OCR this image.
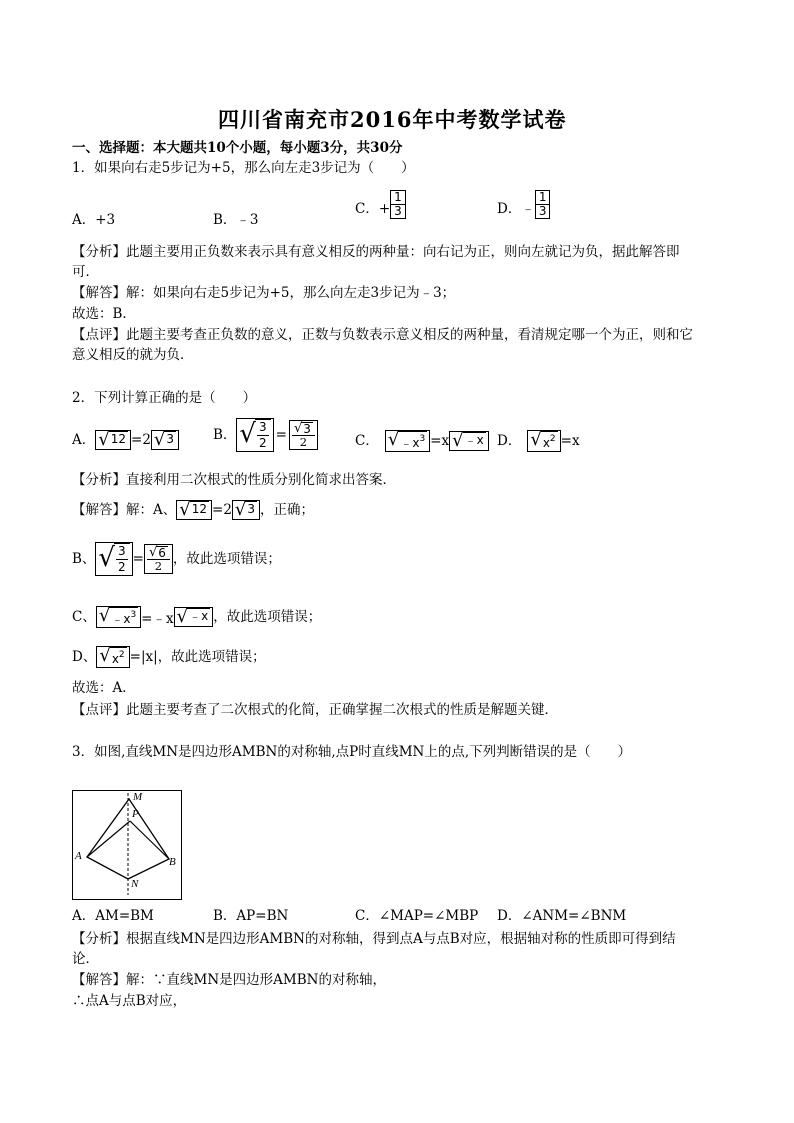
四川省南充市2016年中考数学试卷
一、选择题：本大题共10个小题，每小题3分，共30分
1．如果向右走5步记为+5，那么向左走3步记为（　　）
A．+3	B．﹣3
C．+ $\frac{1}{3}$	D．﹣ $\frac{1}{3}$
【分析】此题主要用正负数来表示具有意义相反的两种量：向右记为正，则向左就记为负，据此解答即
可．
【解答】解：如果向右走5步记为+5，那么向左走3步记为﹣3；
故选：B．
【点评】此题主要考查正负数的意义，正数与负数表示意义相反的两种量，看清规定哪一个为正，则和它
意义相反的就为负．
2．下列计算正确的是（　　）
A． √ 12 =2 √ 3	B． √ $\frac{3}{2}$ = √ 3
2	C． √ $﹣x^3 =x$ √ ﹣x D． √ $x^2 =x$
【分析】直接利用二次根式的性质分别化简求出答案．
【解答】解：A、 √ 12 =2 √ 3 ，正确；
B、 √ $\frac{3}{2}$ = √ 6
2 ，故此选项错误；
C、 √ $﹣x^3$ =﹣x √ ﹣x ，故此选项错误；
D、 √ $x^2 =|x|$ ，故此选项错误；
故选：A．
【点评】此题主要考查了二次根式的化简，正确掌握二次根式的性质是解题关键．
3．如图,直线MN是四边形AMBN的对称轴,点P时直线MN上的点,下列判断错误的是（　　）
M
P
A	B
N
A．AM=BM	B．AP=BN	C．∠MAP=∠MBP D．∠ANM=∠BNM
【分析】根据直线MN是四边形AMBN的对称轴，得到点A与点B对应，根据轴对称的性质即可得到结
论．
【解答】解：∵直线MN是四边形AMBN的对称轴，
∴点A与点B对应，
